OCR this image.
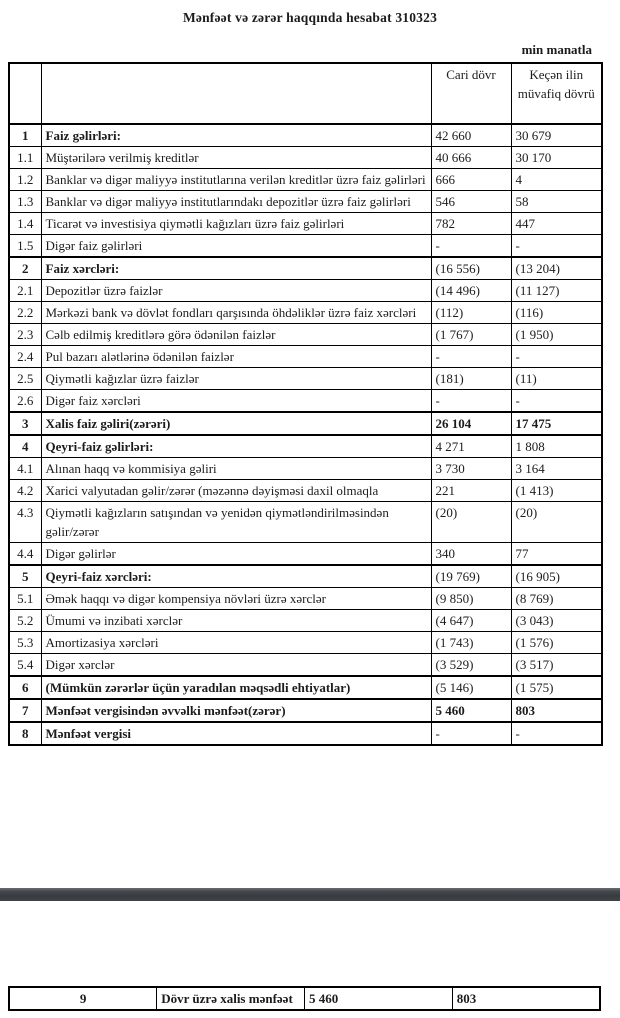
Mənfəət və zərər haqqında hesabat 310323
min manatla
		Cari dövr	Keçən ilin müvafiq dövrü
1	Faiz gəlirləri:	42 660	30 679
1.1	Müştərilərə verilmiş kreditlər	40 666	30 170
1.2	Banklar və digər maliyyə institutlarına verilən kreditlər üzrə faiz gəlirləri	666	4
1.3	Banklar və digər maliyyə institutlarındakı depozitlər üzrə faiz gəlirləri	546	58
1.4	Ticarət və investisiya qiymətli kağızları üzrə faiz gəlirləri	782	447
1.5	Digər faiz gəlirləri	-	-
2	Faiz xərcləri:	(16 556)	(13 204)
2.1	Depozitlər üzrə faizlər	(14 496)	(11 127)
2.2	Mərkəzi bank və dövlət fondları qarşısında öhdəliklər üzrə faiz xərcləri	(112)	(116)
2.3	Cəlb edilmiş kreditlərə görə ödənilən faizlər	(1 767)	(1 950)
2.4	Pul bazarı alətlərinə ödənilən faizlər	-	-
2.5	Qiymətli kağızlar üzrə faizlər	(181)	(11)
2.6	Digər faiz xərcləri	-	-
3	Xalis faiz gəliri(zərəri)	26 104	17 475
4	Qeyri-faiz gəlirləri:	4 271	1 808
4.1	Alınan haqq və kommisiya gəliri	3 730	3 164
4.2	Xarici valyutadan gəlir/zərər (məzənnə dəyişməsi daxil olmaqla	221	(1 413)
4.3	Qiymətli kağızların satışından və yenidən qiymətləndirilməsindən gəlir/zərər	(20)	(20)
4.4	Digər gəlirlər	340	77
5	Qeyri-faiz xərcləri:	(19 769)	(16 905)
5.1	Əmək haqqı və digər kompensiya növləri üzrə xərclər	(9 850)	(8 769)
5.2	Ümumi və inzibati xərclər	(4 647)	(3 043)
5.3	Amortizasiya xərcləri	(1 743)	(1 576)
5.4	Digər xərclər	(3 529)	(3 517)
6	(Mümkün zərərlər üçün yaradılan məqsədli ehtiyatlar)	(5 146)	(1 575)
7	Mənfəət vergisindən əvvəlki mənfəət(zərər)	5 460	803
8	Mənfəət vergisi	-	-
9	Dövr üzrə xalis mənfəət	5 460	803
